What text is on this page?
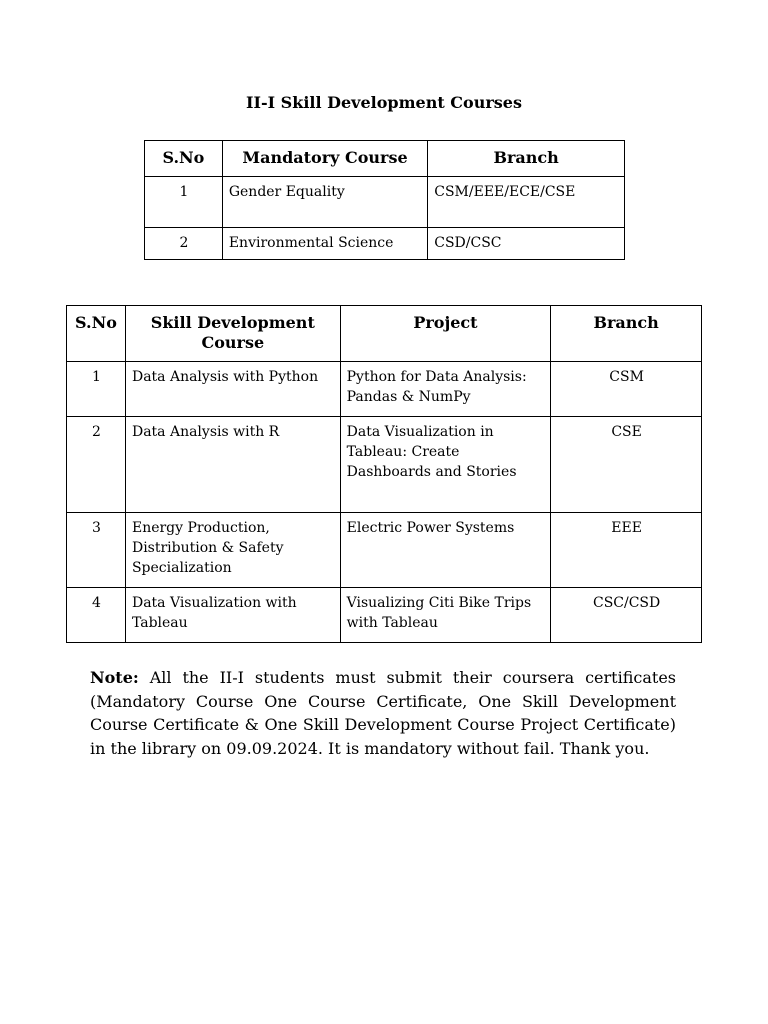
II-I Skill Development Courses
S.No	Mandatory Course	Branch
1	Gender Equality	CSM/EEE/ECE/CSE
2	Environmental Science	CSD/CSC
S.No	Skill Development Course	Project	Branch
1	Data Analysis with Python	Python for Data Analysis: Pandas & NumPy	CSM
2	Data Analysis with R	Data Visualization in Tableau: Create Dashboards and Stories	CSE
3	Energy Production, Distribution & Safety Specialization	Electric Power Systems	EEE
4	Data Visualization with Tableau	Visualizing Citi Bike Trips with Tableau	CSC/CSD
Note: All the II-I students must submit their coursera certificates (Mandatory Course One Course Certificate, One Skill Development Course Certificate & One Skill Development Course Project Certificate) in the library on 09.09.2024. It is mandatory without fail. Thank you.
